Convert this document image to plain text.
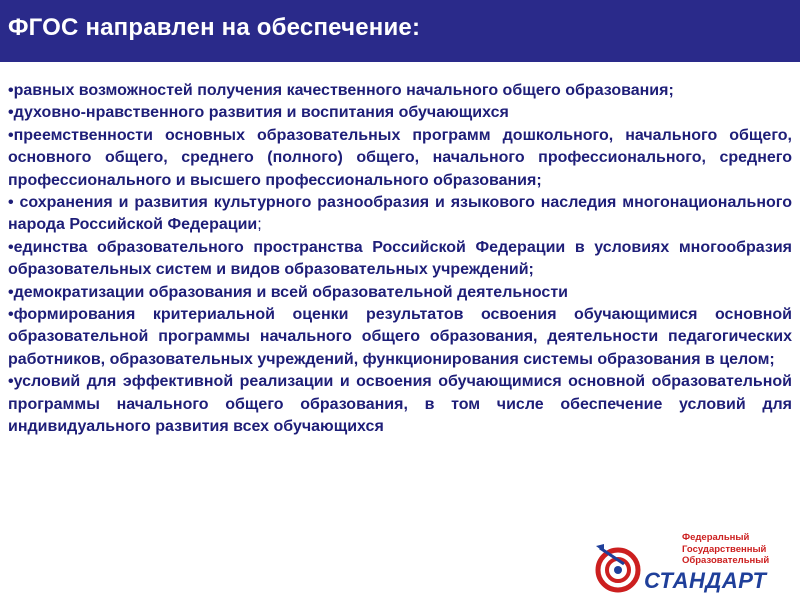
ФГОС направлен на обеспечение:
•равных возможностей получения качественного начального общего образования;
•духовно-нравственного развития и воспитания обучающихся
•преемственности основных образовательных программ дошкольного, начального общего, основного общего, среднего (полного) общего, начального профессионального, среднего профессионального и высшего профессионального образования;
• сохранения и развития культурного разнообразия и языкового наследия многонационального народа Российской Федерации;
•единства образовательного пространства Российской Федерации в условиях многообразия образовательных систем и видов образовательных учреждений;
•демократизации образования и всей образовательной деятельности
•формирования критериальной оценки результатов освоения обучающимися основной образовательной программы начального общего образования, деятельности педагогических работников, образовательных учреждений, функционирования системы образования в целом;
•условий для эффективной реализации и освоения обучающимися основной образовательной программы начального общего образования, в том числе обеспечение условий для индивидуального развития всех обучающихся
Федеральный
Государственный
Образовательный
СТАНДАРТ
